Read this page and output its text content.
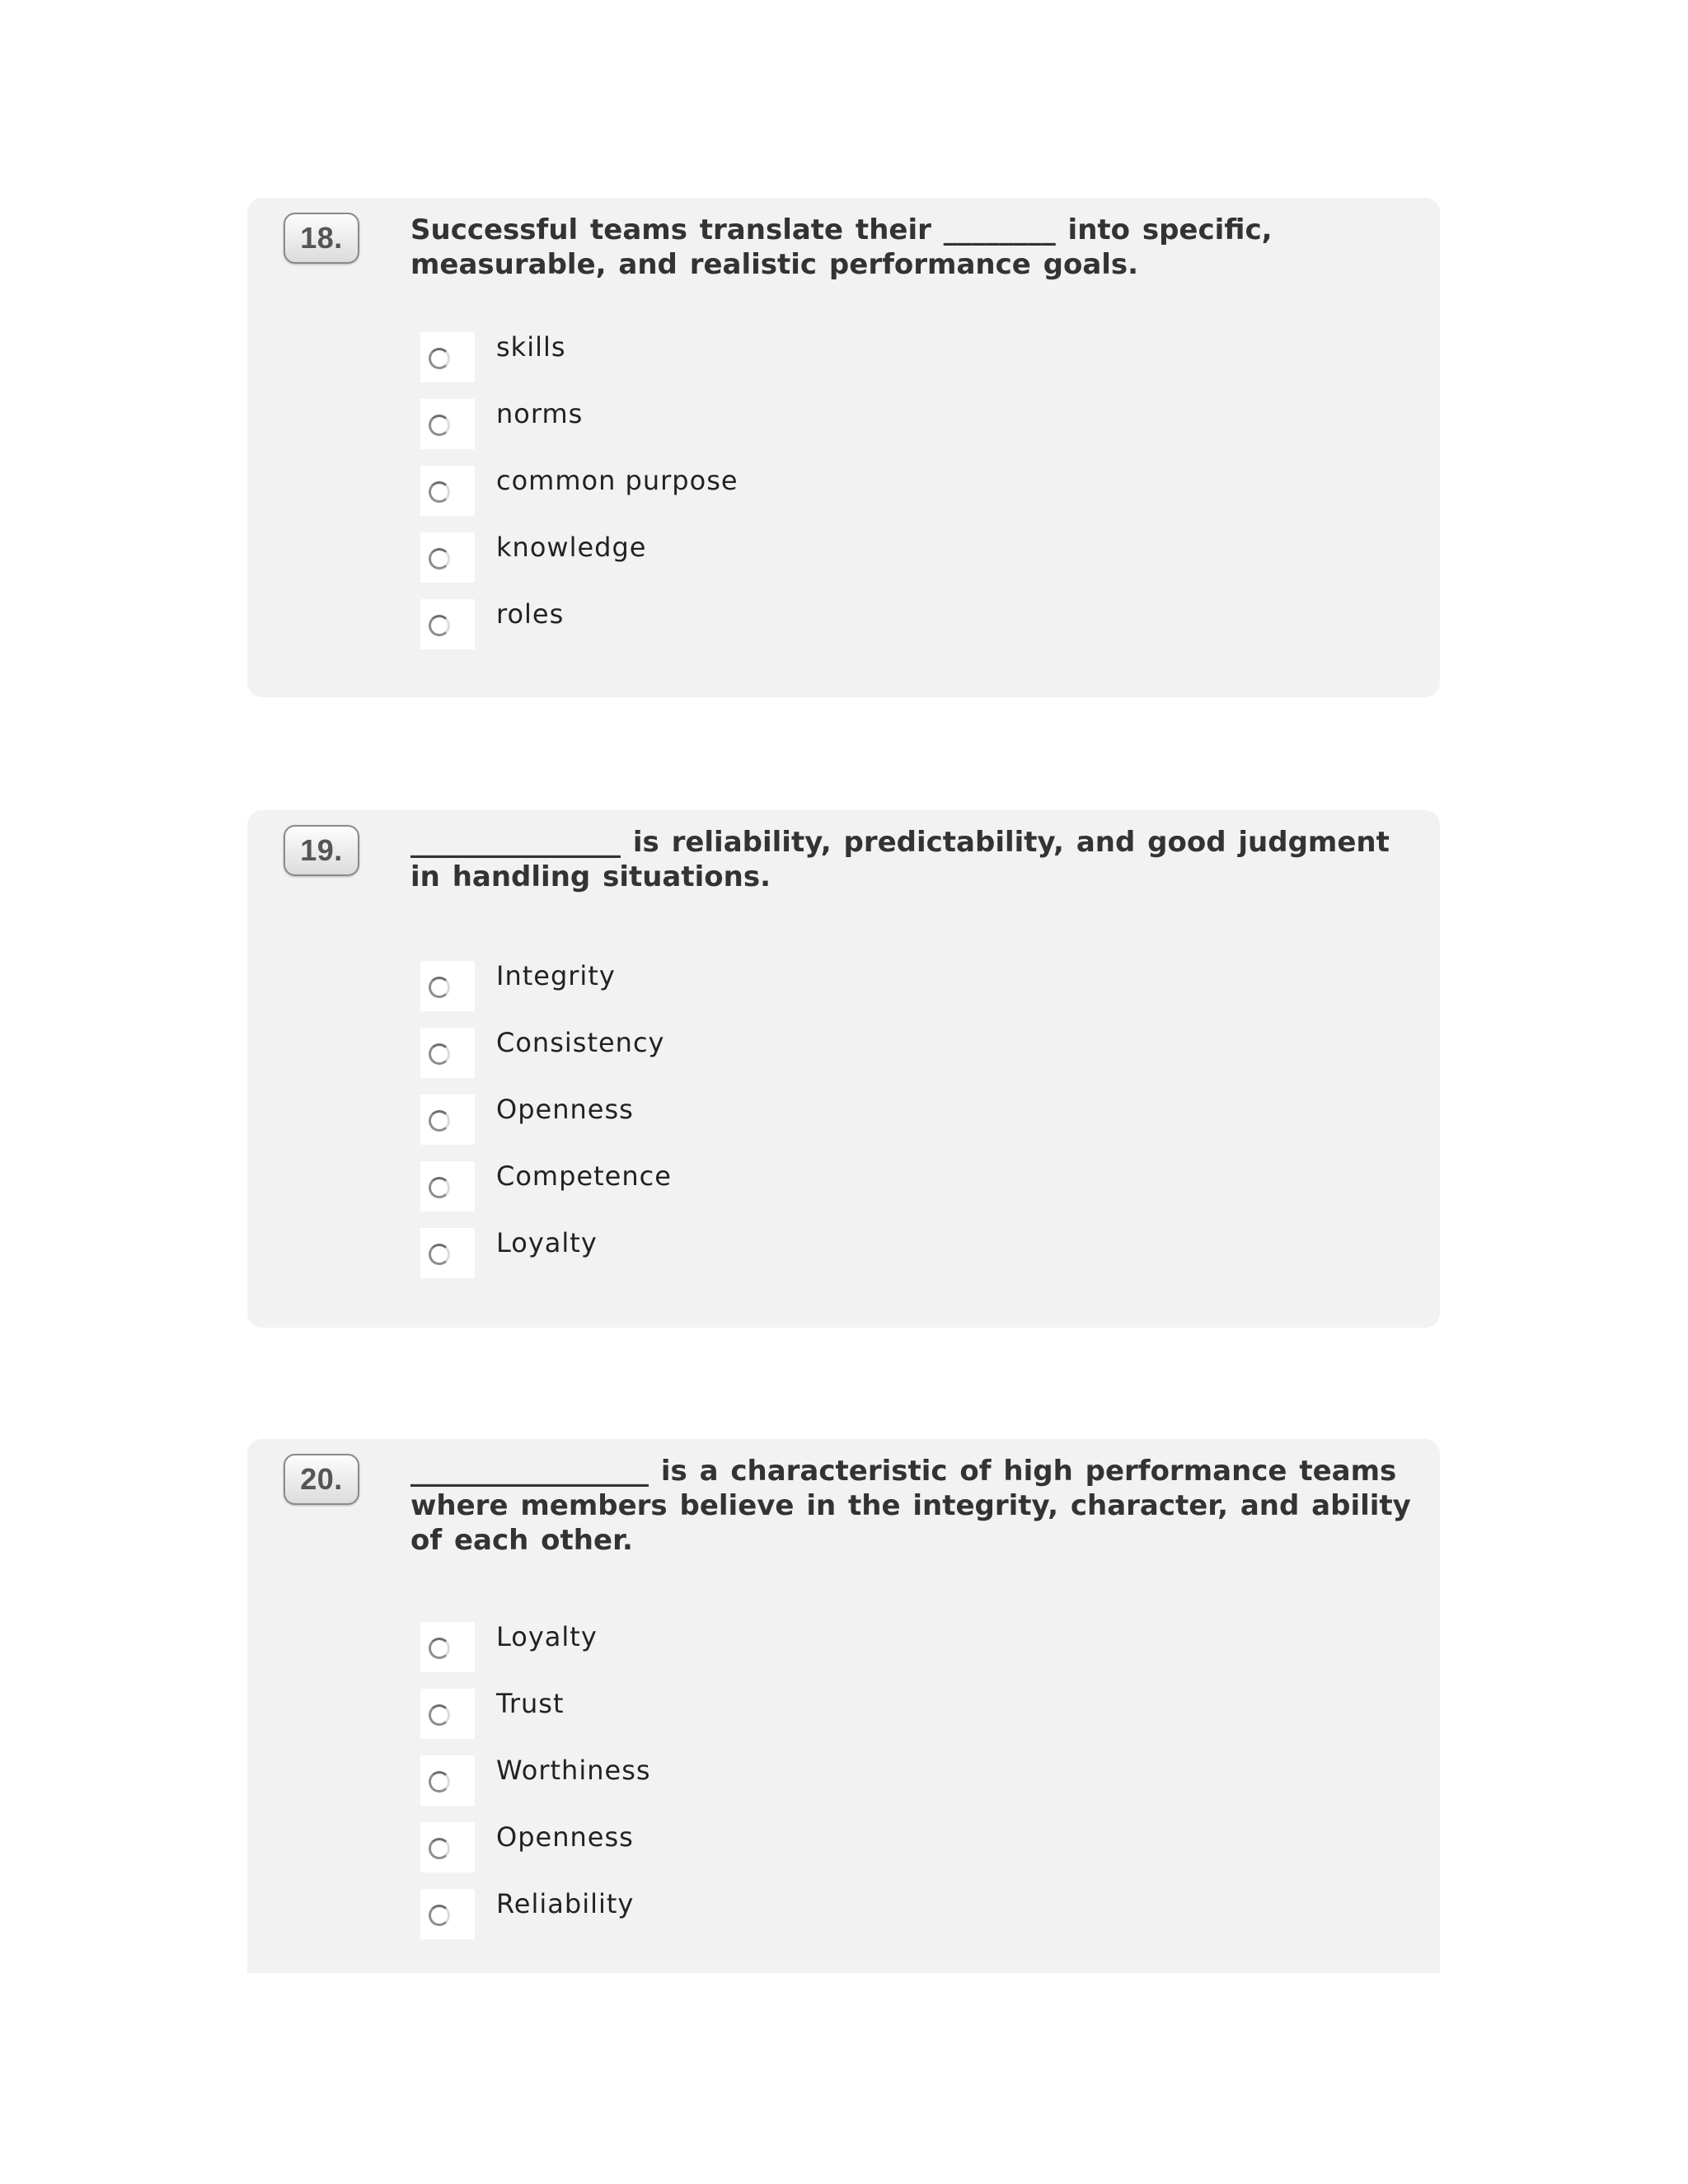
18.	Successful teams translate their ________ into specific, measurable, and realistic performance goals.

skills
norms
common purpose
knowledge
roles
19.	_______________ is reliability, predictability, and good judgment in handling situations.

Integrity
Consistency
Openness
Competence
Loyalty
20.	_________________ is a characteristic of high performance teams where members believe in the integrity, character, and ability of each other.

Loyalty
Trust
Worthiness
Openness
Reliability
